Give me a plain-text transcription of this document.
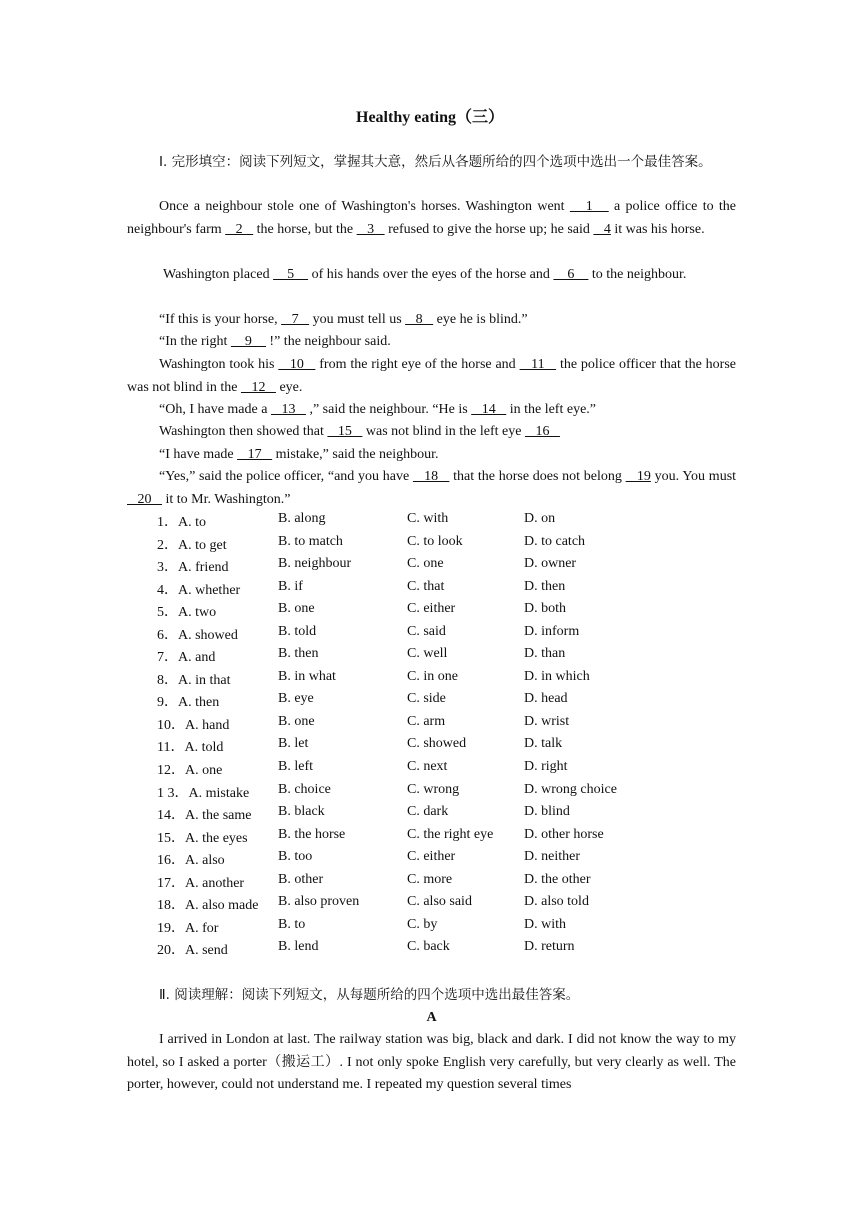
Healthy eating（三）
Ⅰ. 完形填空：阅读下列短文，掌握其大意，然后从各题所给的四个选项中选出一个最佳答案。
Once a neighbour stole one of Washington's horses. Washington went    1    a police office to the neighbour's farm    2    the horse, but the    3    refused to give the horse up; he said    4 it was his horse.
Washington placed     5     of his hands over the eyes of the horse and     6     to the neighbour.
“If this is your horse,    7    you must tell us    8    eye he is blind.”
“In the right     9     !” the neighbour said.
Washington took his    10    from the right eye of the horse and    11    the police officer that the horse was not blind in the    12    eye.
“Oh, I have made a    13    ,” said the neighbour. “He is    14    in the left eye.”
Washington then showed that    15    was not blind in the left eye    16
“I have made    17    mistake,” said the neighbour.
“Yes,” said the police officer, “and you have    18    that the horse does not belong    19 you. You must    20    it to Mr. Washington.”
1．A. to	B. along	C. with	D. on
2．A. to get	B. to match	C. to look	D. to catch
3．A. friend	B. neighbour	C. one	D. owner
4．A. whether	B. if	C. that	D. then
5．A. two	B. one	C. either	D. both
6．A. showed	B. told	C. said	D. inform
7．A. and	B. then	C. well	D. than
8．A. in that	B. in what	C. in one	D. in which
9．A. then	B. eye	C. side	D. head
10．A. hand	B. one	C. arm	D. wrist
11．A. told	B. let	C. showed	D. talk
12．A. one	B. left	C. next	D. right
1 3．A. mistake	B. choice	C. wrong	D. wrong choice
14．A. the same	B. black	C. dark	D. blind
15．A. the eyes	B. the horse	C. the right eye	D. other horse
16．A. also	B. too	C. either	D. neither
17．A. another	B. other	C. more	D. the other
18．A. also made	B. also proven	C. also said	D. also told
19．A. for	B. to	C. by	D. with
20．A. send	B. lend	C. back	D. return
Ⅱ. 阅读理解：阅读下列短文，从每题所给的四个选项中选出最佳答案。
A
I arrived in London at last. The railway station was big, black and dark. I did not know the way to my hotel, so I asked a porter（搬运工）. I not only spoke English very carefully, but very clearly as well. The porter, however, could not understand me. I repeated my question several times
